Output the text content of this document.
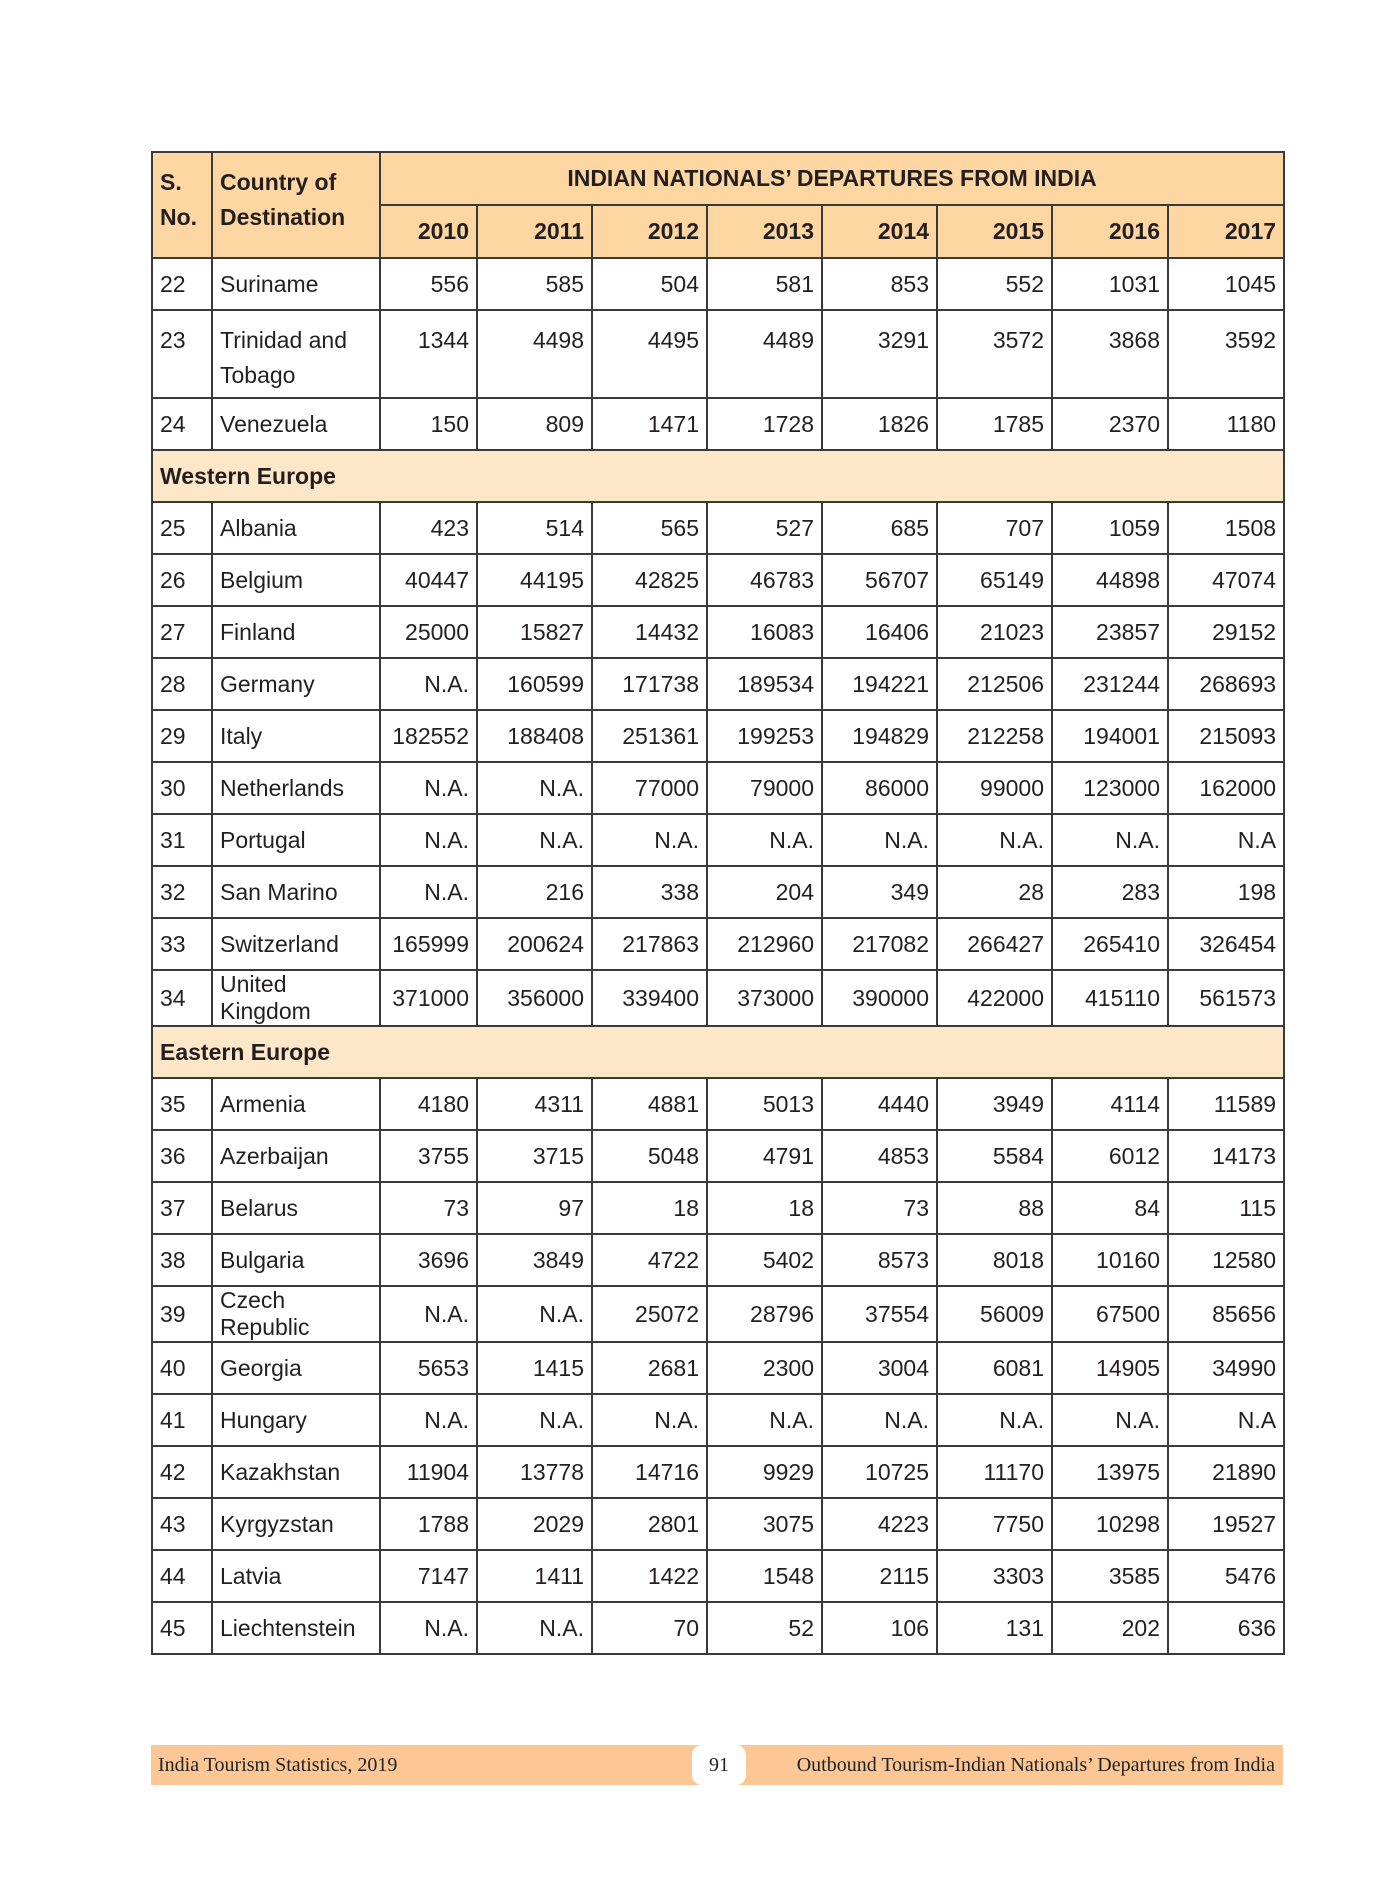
S. No.	Country of Destination	INDIAN NATIONALS’ DEPARTURES FROM INDIA							
		2010	2011	2012	2013	2014	2015	2016	2017
22	Suriname	556	585	504	581	853	552	1031	1045
23	Trinidad and Tobago	1344	4498	4495	4489	3291	3572	3868	3592
24	Venezuela	150	809	1471	1728	1826	1785	2370	1180
Western Europe									
25	Albania	423	514	565	527	685	707	1059	1508
26	Belgium	40447	44195	42825	46783	56707	65149	44898	47074
27	Finland	25000	15827	14432	16083	16406	21023	23857	29152
28	Germany	N.A.	160599	171738	189534	194221	212506	231244	268693
29	Italy	182552	188408	251361	199253	194829	212258	194001	215093
30	Netherlands	N.A.	N.A.	77000	79000	86000	99000	123000	162000
31	Portugal	N.A.	N.A.	N.A.	N.A.	N.A.	N.A.	N.A.	N.A
32	San Marino	N.A.	216	338	204	349	28	283	198
33	Switzerland	165999	200624	217863	212960	217082	266427	265410	326454
34	United Kingdom	371000	356000	339400	373000	390000	422000	415110	561573
Eastern Europe									
35	Armenia	4180	4311	4881	5013	4440	3949	4114	11589
36	Azerbaijan	3755	3715	5048	4791	4853	5584	6012	14173
37	Belarus	73	97	18	18	73	88	84	115
38	Bulgaria	3696	3849	4722	5402	8573	8018	10160	12580
39	Czech Republic	N.A.	N.A.	25072	28796	37554	56009	67500	85656
40	Georgia	5653	1415	2681	2300	3004	6081	14905	34990
41	Hungary	N.A.	N.A.	N.A.	N.A.	N.A.	N.A.	N.A.	N.A
42	Kazakhstan	11904	13778	14716	9929	10725	11170	13975	21890
43	Kyrgyzstan	1788	2029	2801	3075	4223	7750	10298	19527
44	Latvia	7147	1411	1422	1548	2115	3303	3585	5476
45	Liechtenstein	N.A.	N.A.	70	52	106	131	202	636
India Tourism Statistics, 2019	91	Outbound Tourism-Indian Nationals’ Departures from India
